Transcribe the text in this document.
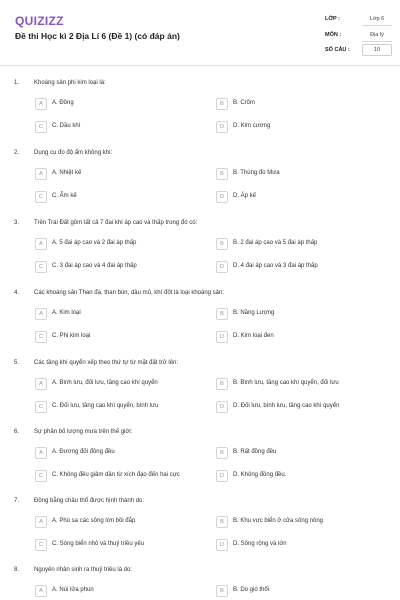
QUIZIZZ
Đề thi Học kì 2 Địa Lí 6 (Đề 1) (có đáp án)
LỚP :	Lớp 6
MÔN :	Địa lý
SỐ CÂU :	10
1. Khoáng sản phi kim loại là:
A	A. Đồng	B	B. Crôm
C	C. Dầu khí	D	D. Kim cương
2. Dụng cụ đo độ ẩm không khí:
A	A. Nhiệt kế	B	B. Thùng đo Mưa
C	C. Ẩm kế	D	D. Áp kế
3. Trên Trái Đất gồm tất cả 7 đai khí áp cao và thấp trong đó có:
A	A. 5 đai áp cao và 2 đai áp thấp	B	B. 2 đai áp cao và 5 đai áp thấp
C	C. 3 đai áp cao và 4 đai áp thấp	D	D. 4 đai áp cao và 3 đai áp thấp
4. Các khoáng sản Than đá, than bùn, dầu mỏ, khí đốt là loại khoáng sản:
A	A. Kim loại	B	B. Năng Lượng
C	C. Phi kim loại	D	D. Kim loại đen
5. Các tầng khí quyển xếp theo thứ tự từ mặt đất trở lên:
A	A. Bình lưu, đối lưu, tầng cao khí quyển	B	B. Bình lưu, tầng cao khí quyển, đối lưu
C	C. Đối lưu, tầng cao khí quyển, bình lưu	D	D. Đối lưu, bình lưu, tầng cao khí quyển
6. Sự phân bố lượng mưa trên thế giới:
A	A. Đương đối đồng đều	B	B. Rất đồng đều
C	C. Không đều giảm dần từ xích đạo đến hai cực	D	D. Không đồng đều.
7. Đồng bằng châu thổ được hình thành do:
A	A. Phù sa các sông lớn bồi đắp	B	B. Khu vực biển ở cửa sông nông
C	C. Sóng biển nhỏ và thuỷ triều yếu	D	D. Sông rộng và lớn
8. Nguyên nhân sinh ra thuỷ triều là do:
A	A. Núi lửa phun	B	B. Do gió thổi
